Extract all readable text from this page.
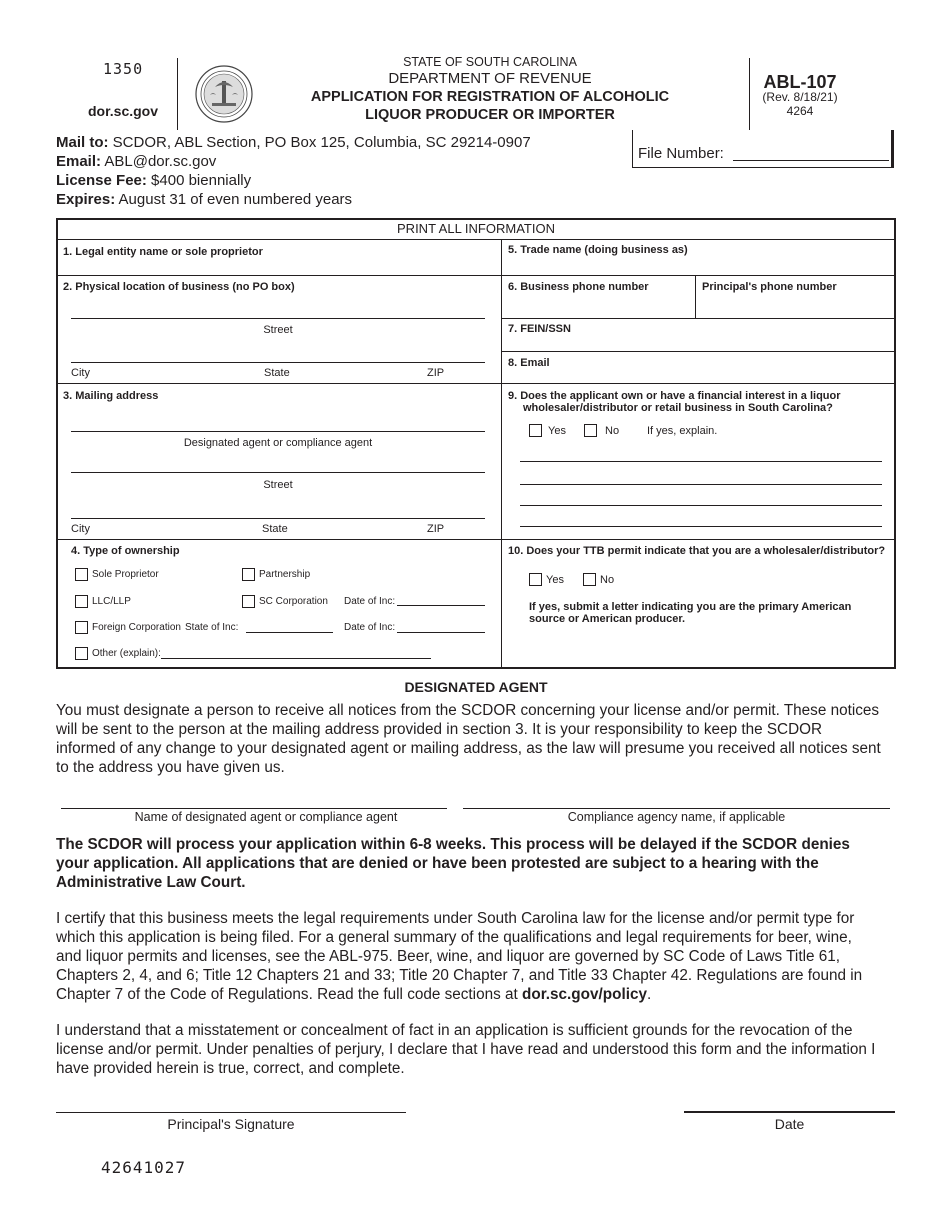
1350
dor.sc.gov
STATE OF SOUTH CAROLINA
DEPARTMENT OF REVENUE
APPLICATION FOR REGISTRATION OF ALCOHOLIC
LIQUOR PRODUCER OR IMPORTER
ABL-107
(Rev. 8/18/21)
4264
Mail to: SCDOR, ABL Section, PO Box 125, Columbia, SC 29214-0907
Email: ABL@dor.sc.gov
License Fee: $400 biennially
Expires: August 31 of even numbered years
File Number:
PRINT ALL INFORMATION
1. Legal entity name or sole proprietor
2. Physical location of business (no PO box)
Street
City	State	ZIP
3. Mailing address
Designated agent or compliance agent
Street
City	State	ZIP
4. Type of ownership
Sole Proprietor	Partnership
LLC/LLP	SC Corporation Date of Inc:
Foreign Corporation State of Inc:	Date of Inc:
Other (explain):
5. Trade name (doing business as)
6. Business phone number	Principal's phone number
7. FEIN/SSN
8. Email
9. Does the applicant own or have a financial interest in a liquor
wholesaler/distributor or retail business in South Carolina?
Yes	No	If yes, explain.
10. Does your TTB permit indicate that you are a wholesaler/distributor?
Yes	No
If yes, submit a letter indicating you are the primary American
source or American producer.
DESIGNATED AGENT
You must designate a person to receive all notices from the SCDOR concerning your license and/or permit. These notices
will be sent to the person at the mailing address provided in section 3. It is your responsibility to keep the SCDOR
informed of any change to your designated agent or mailing address, as the law will presume you received all notices sent
to the address you have given us.
Name of designated agent or compliance agent	Compliance agency name, if applicable
The SCDOR will process your application within 6-8 weeks. This process will be delayed if the SCDOR denies
your application. All applications that are denied or have been protested are subject to a hearing with the
Administrative Law Court.
I certify that this business meets the legal requirements under South Carolina law for the license and/or permit type for
which this application is being filed. For a general summary of the qualifications and legal requirements for beer, wine,
and liquor permits and licenses, see the ABL-975. Beer, wine, and liquor are governed by SC Code of Laws Title 61,
Chapters 2, 4, and 6; Title 12 Chapters 21 and 33; Title 20 Chapter 7, and Title 33 Chapter 42. Regulations are found in
Chapter 7 of the Code of Regulations. Read the full code sections at dor.sc.gov/policy.
I understand that a misstatement or concealment of fact in an application is sufficient grounds for the revocation of the
license and/or permit. Under penalties of perjury, I declare that I have read and understood this form and the information I
have provided herein is true, correct, and complete.
Principal's Signature	Date
42641027
